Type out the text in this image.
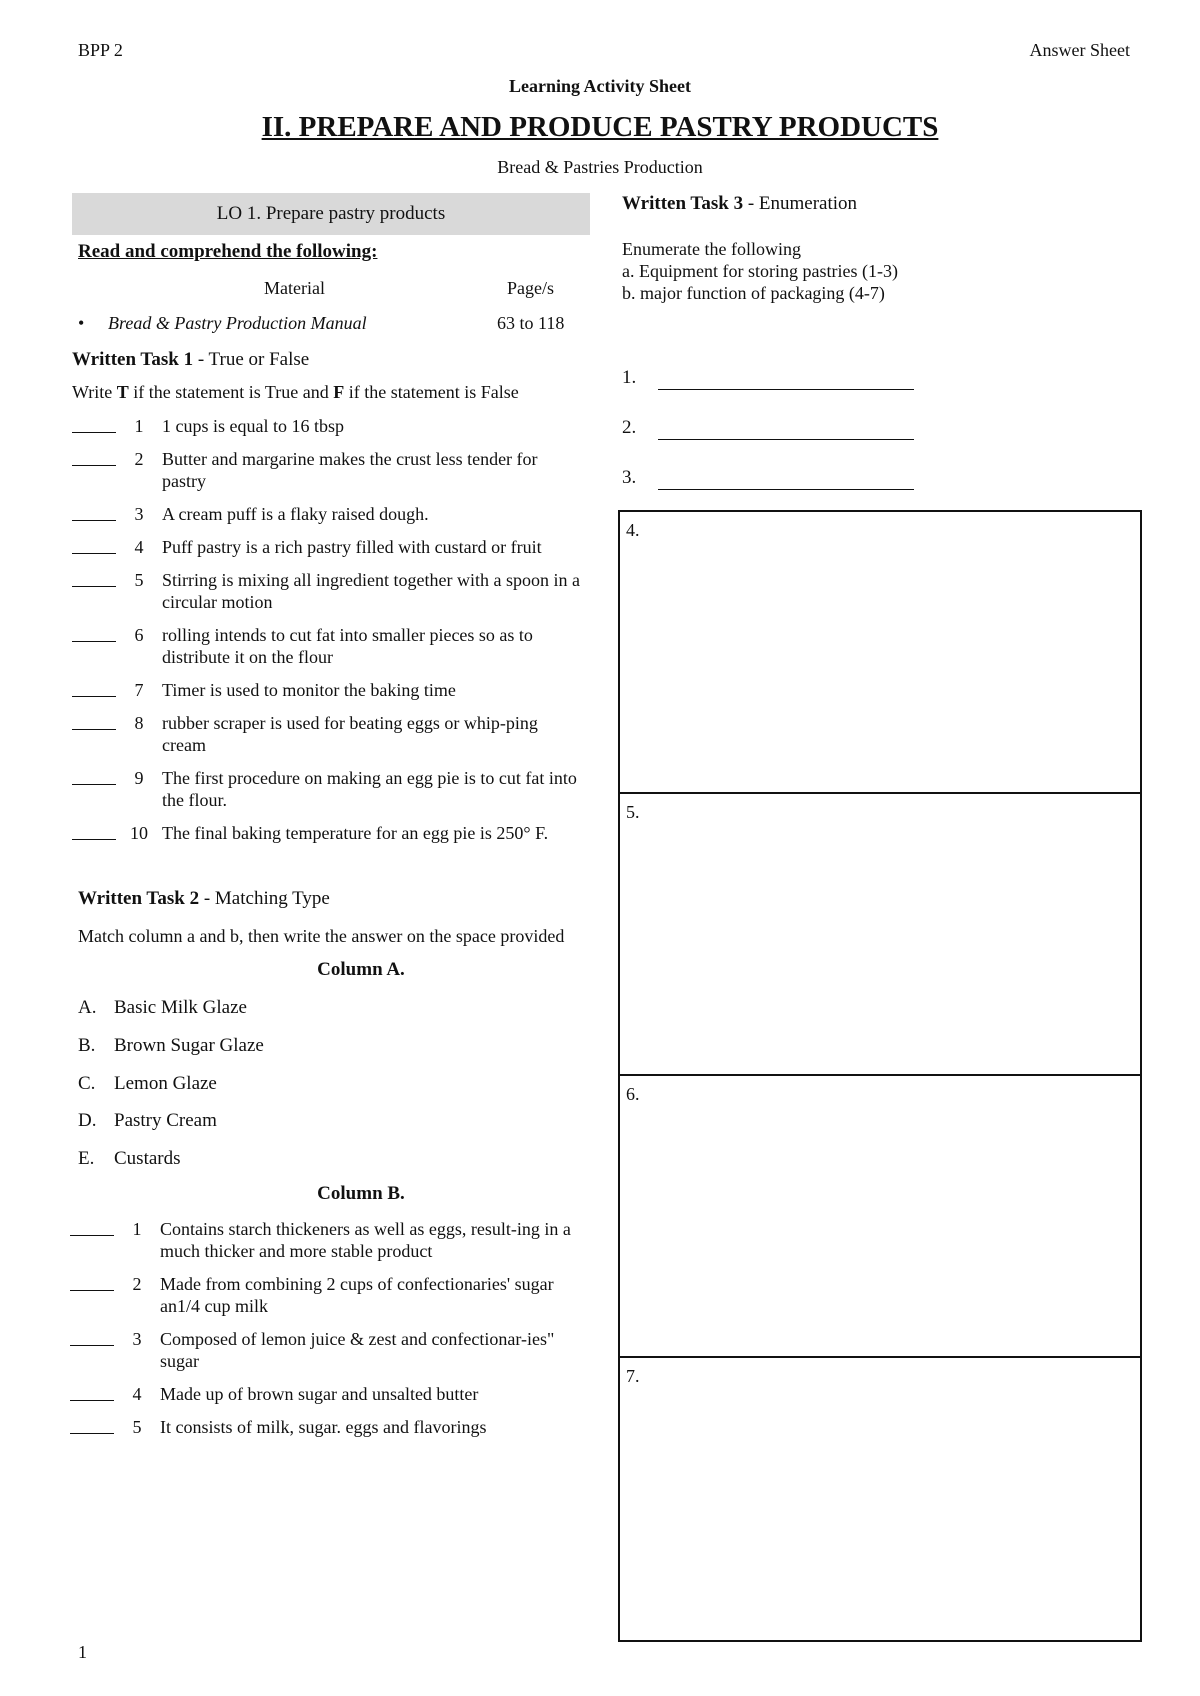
BPP 2	Answer Sheet
Learning Activity Sheet
II. PREPARE AND PRODUCE PASTRY PRODUCTS
Bread & Pastries Production
LO 1. Prepare pastry products
Read and comprehend the following:
Material	Page/s
•	Bread & Pastry Production Manual	63 to 118
Written Task 1 - True or False
Write T if the statement is True and F if the statement is False
1	1 cups is equal to 16 tbsp
2	Butter and margarine makes the crust less tender for pastry
3	A cream puff is a flaky raised dough.
4	Puff pastry is a rich pastry filled with custard or fruit
5	Stirring is mixing all ingredient together with a spoon in a circular motion
6	rolling intends to cut fat into smaller pieces so as to distribute it on the flour
7	Timer is used to monitor the baking time
8	rubber scraper is used for beating eggs or whip-ping cream
9	The first procedure on making an egg pie is to cut fat into the flour.
10 The final baking temperature for an egg pie is 250° F.
Written Task 2 - Matching Type
Match column a and b, then write the answer on the space provided
Column A.
A. Basic Milk Glaze
B. Brown Sugar Glaze
C. Lemon Glaze
D. Pastry Cream
E.	Custards
Column B.
1	Contains starch thickeners as well as eggs, result-ing in a much thicker and more stable product
2	Made from combining 2 cups of confectionaries' sugar an1/4 cup milk
3	Composed of lemon juice & zest and confectionar-ies" sugar
4	Made up of brown sugar and unsalted butter
5	It consists of milk, sugar. eggs and flavorings
Written Task 3 - Enumeration
Enumerate the following
a. Equipment for storing pastries (1-3)
b. major function of packaging (4-7)
1.
2.
3.
4.
5.
6.
7.
1
